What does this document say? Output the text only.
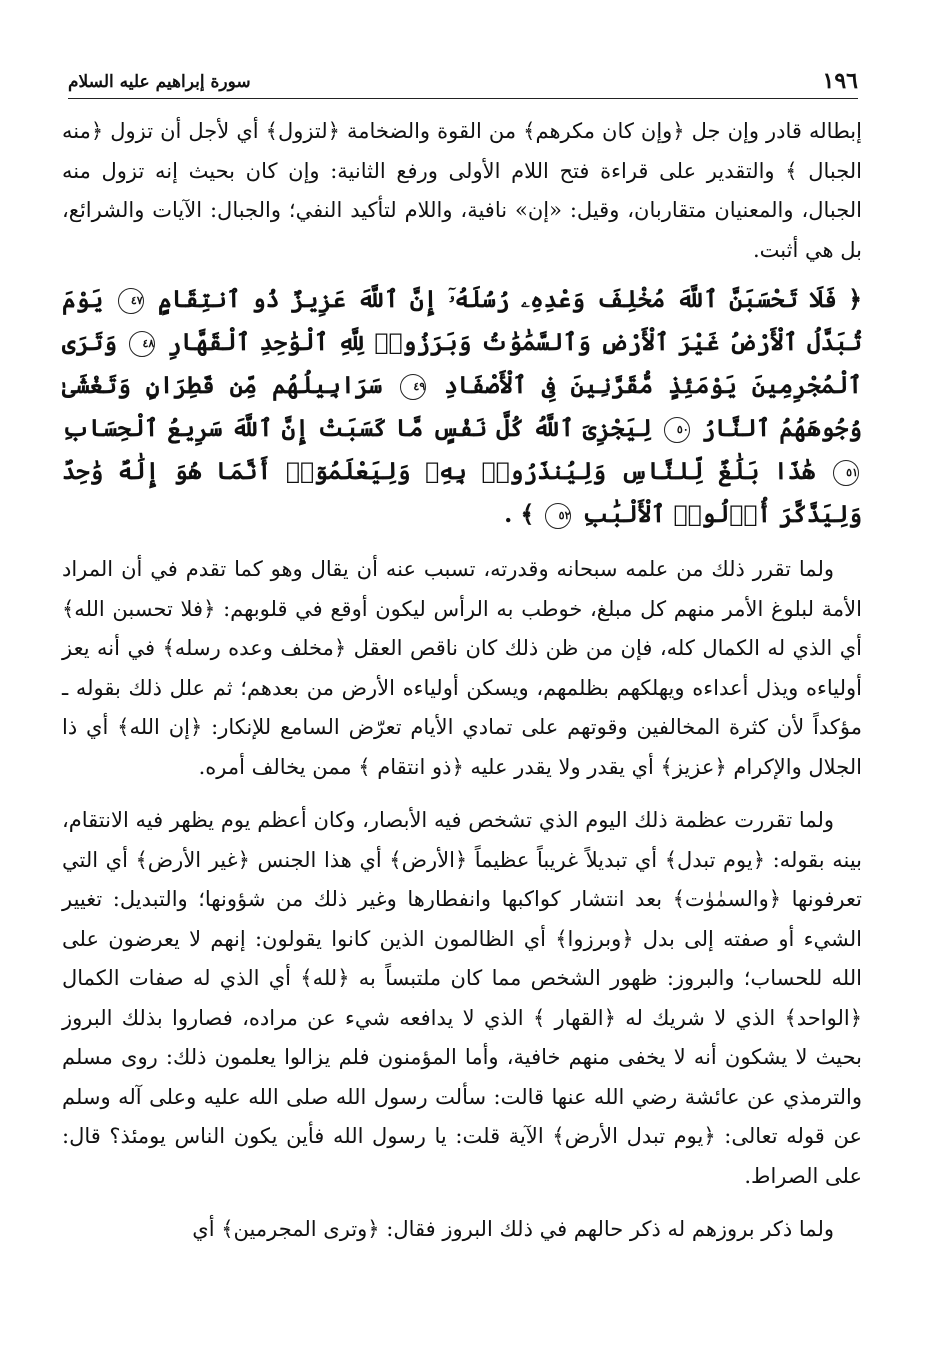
١٩٦
سورة إبراهيم عليه السلام

إبطاله قادر وإن جل ﴿وإن كان مكرهم﴾ من القوة والضخامة ﴿لتزول﴾ أي لأجل أن تزول ﴿منه الجبال ﴾ والتقدير على قراءة فتح اللام الأولى ورفع الثانية: وإن كان بحيث إنه تزول منه الجبال، والمعنيان متقاربان، وقيل: «إن» نافية، واللام لتأكيد النفي؛ والجبال: الآيات والشرائع، بل هي أثبت.

﴿ فَلَا تَحْسَبَنَّ ٱللَّهَ مُخْلِفَ وَعْدِهِۦ رُسُلَهُۥٓ إِنَّ ٱللَّهَ عَزِيزٌ ذُو ٱنتِقَامٍ ٤٧ يَوْمَ تُبَدَّلُ ٱلْأَرْضُ غَيْرَ ٱلْأَرْضِ وَٱلسَّمَٰوَٰتُ وَبَرَزُوا۟ لِلَّهِ ٱلْوَٰحِدِ ٱلْقَهَّارِ ٤٨ وَتَرَى ٱلْمُجْرِمِينَ يَوْمَئِذٍ مُّقَرَّنِينَ فِى ٱلْأَصْفَادِ ٤٩ سَرَابِيلُهُم مِّن قَطِرَانٍ وَتَغْشَىٰ وُجُوهَهُمُ ٱلنَّارُ ٥٠ لِيَجْزِىَ ٱللَّهُ كُلَّ نَفْسٍ مَّا كَسَبَتْ إِنَّ ٱللَّهَ سَرِيعُ ٱلْحِسَابِ ٥١ هَٰذَا بَلَٰغٌ لِّلنَّاسِ وَلِيُنذَرُوا۟ بِهِۦ وَلِيَعْلَمُوٓا۟ أَنَّمَا هُوَ إِلَٰهٌ وَٰحِدٌ وَلِيَذَّكَّرَ أُو۟لُوا۟ ٱلْأَلْبَٰبِ ٥٢ ﴾ .

ولما تقرر ذلك من علمه سبحانه وقدرته، تسبب عنه أن يقال وهو كما تقدم في أن المراد الأمة لبلوغ الأمر منهم كل مبلغ، خوطب به الرأس ليكون أوقع في قلوبهم: ﴿فلا تحسبن الله﴾ أي الذي له الكمال كله، فإن من ظن ذلك كان ناقص العقل ﴿مخلف وعده رسله﴾ في أنه يعز أولياءه ويذل أعداءه ويهلكهم بظلمهم، ويسكن أولياءه الأرض من بعدهم؛ ثم علل ذلك بقوله ـ مؤكداً لأن كثرة المخالفين وقوتهم على تمادي الأيام تعرّض السامع للإنكار: ﴿إن الله﴾ أي ذا الجلال والإكرام ﴿عزيز﴾ أي يقدر ولا يقدر عليه ﴿ذو انتقام ﴾ ممن يخالف أمره.

ولما تقررت عظمة ذلك اليوم الذي تشخص فيه الأبصار، وكان أعظم يوم يظهر فيه الانتقام، بينه بقوله: ﴿يوم تبدل﴾ أي تبديلاً غريباً عظيماً ﴿الأرض﴾ أي هذا الجنس ﴿غير الأرض﴾ أي التي تعرفونها ﴿والسمٰوٰت﴾ بعد انتشار كواكبها وانفطارها وغير ذلك من شؤونها؛ والتبديل: تغيير الشيء أو صفته إلى بدل ﴿وبرزوا﴾ أي الظالمون الذين كانوا يقولون: إنهم لا يعرضون على الله للحساب؛ والبروز: ظهور الشخص مما كان ملتبساً به ﴿لله﴾ أي الذي له صفات الكمال ﴿الواحد﴾ الذي لا شريك له ﴿القهار ﴾ الذي لا يدافعه شيء عن مراده، فصاروا بذلك البروز بحيث لا يشكون أنه لا يخفى منهم خافية، وأما المؤمنون فلم يزالوا يعلمون ذلك: روى مسلم والترمذي عن عائشة رضي الله عنها قالت: سألت رسول الله صلى الله عليه وعلى آله وسلم عن قوله تعالى: ﴿يوم تبدل الأرض﴾ الآية قلت: يا رسول الله فأين يكون الناس يومئذ؟ قال: على الصراط.

ولما ذكر بروزهم له ذكر حالهم في ذلك البروز فقال: ﴿وترى المجرمين﴾ أي
